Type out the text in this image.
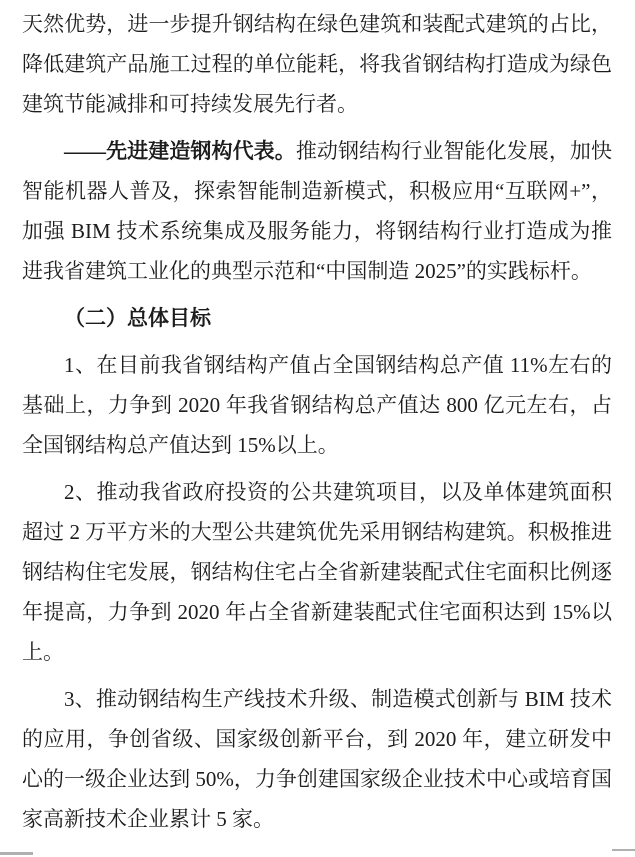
天然优势，进一步提升钢结构在绿色建筑和装配式建筑的占比，降低建筑产品施工过程的单位能耗，将我省钢结构打造成为绿色建筑节能减排和可持续发展先行者。

——先进建造钢构代表。推动钢结构行业智能化发展，加快智能机器人普及，探索智能制造新模式，积极应用“互联网+”，加强 BIM 技术系统集成及服务能力，将钢结构行业打造成为推进我省建筑工业化的典型示范和“中国制造 2025”的实践标杆。

（二）总体目标

1、在目前我省钢结构产值占全国钢结构总产值 11%左右的基础上，力争到 2020 年我省钢结构总产值达 800 亿元左右，占全国钢结构总产值达到 15%以上。

2、推动我省政府投资的公共建筑项目，以及单体建筑面积超过 2 万平方米的大型公共建筑优先采用钢结构建筑。积极推进钢结构住宅发展，钢结构住宅占全省新建装配式住宅面积比例逐年提高，力争到 2020 年占全省新建装配式住宅面积达到 15%以上。

3、推动钢结构生产线技术升级、制造模式创新与 BIM 技术的应用，争创省级、国家级创新平台，到 2020 年，建立研发中心的一级企业达到 50%，力争创建国家级企业技术中心或培育国家高新技术企业累计 5 家。
